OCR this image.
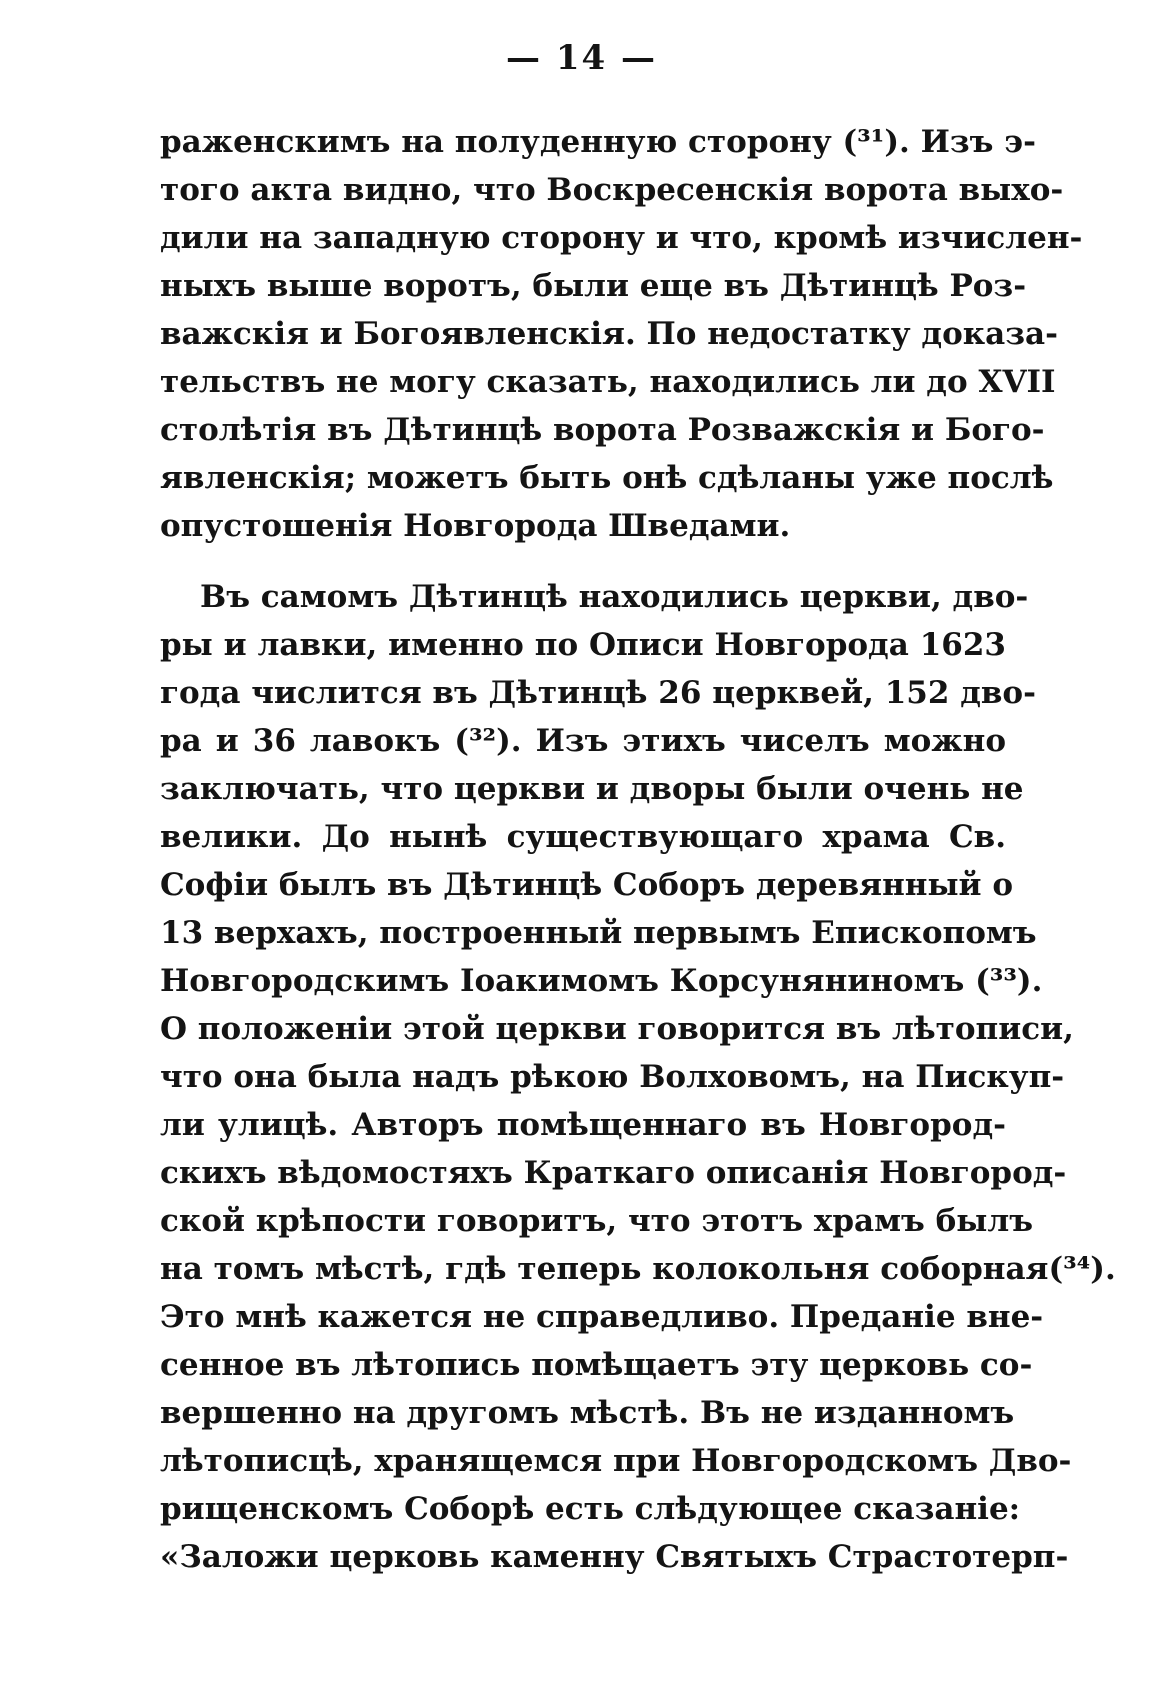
— 14 —
раженскимъ на полуденную сторону (³¹). Изъ э-
того акта видно, что Воскресенскія ворота выхо-
дили на западную сторону и что, кромѣ изчислен-
ныхъ выше воротъ, были еще въ Дѣтинцѣ Роз-
важскія и Богоявленскія. По недостатку доказа-
тельствъ не могу сказать, находились ли до XVII
столѣтія въ Дѣтинцѣ ворота Розважскія и Бого-
явленскія; можетъ быть онѣ сдѣланы уже послѣ
опустошенія Новгорода Шведами.
Въ самомъ Дѣтинцѣ находились церкви, дво-
ры и лавки, именно по Описи Новгорода 1623
года числится въ Дѣтинцѣ 26 церквей, 152 дво-
ра и 36 лавокъ (³²). Изъ этихъ чиселъ можно
заключать, что церкви и дворы были очень не
велики. До нынѣ существующаго храма Св.
Софіи былъ въ Дѣтинцѣ Соборъ деревянный о
13 верхахъ, построенный первымъ Епископомъ
Новгородскимъ Іоакимомъ Корсуняниномъ (³³).
О положеніи этой церкви говорится въ лѣтописи,
что она была надъ рѣкою Волховомъ, на Пискуп-
ли улицѣ. Авторъ помѣщеннаго въ Новгород-
скихъ вѣдомостяхъ Краткаго описанія Новгород-
ской крѣпости говоритъ, что этотъ храмъ былъ
на томъ мѣстѣ, гдѣ теперь колокольня соборная(³⁴).
Это мнѣ кажется не справедливо. Преданіе вне-
сенное въ лѣтопись помѣщаетъ эту церковь со-
вершенно на другомъ мѣстѣ. Въ не изданномъ
лѣтописцѣ, хранящемся при Новгородскомъ Дво-
рищенскомъ Соборѣ есть слѣдующее сказаніе:
«Заложи церковь каменну Святыхъ Страстотерп-
